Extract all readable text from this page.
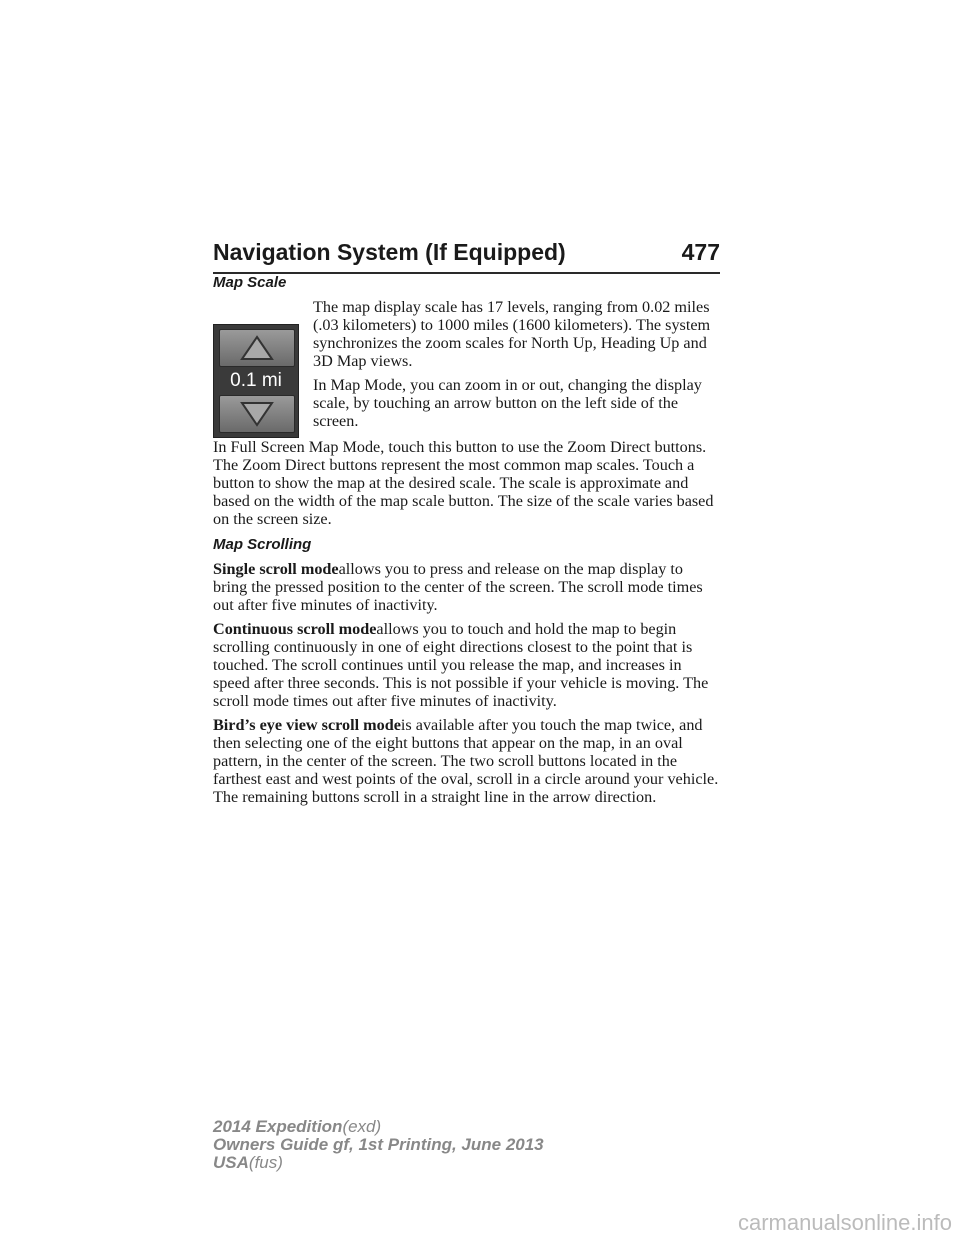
Navigation System (If Equipped)	477
Map Scale
0.1 mi

The map display scale has 17 levels, ranging from 0.02 miles (.03 kilometers) to 1000 miles (1600 kilometers). The system synchronizes the zoom scales for North Up, Heading Up and 3D Map views.

In Map Mode, you can zoom in or out, changing the display scale, by touching an arrow button on the left side of the screen.

In Full Screen Map Mode, touch this button to use the Zoom Direct buttons. The Zoom Direct buttons represent the most common map scales. Touch a button to show the map at the desired scale. The scale is approximate and based on the width of the map scale button. The size of the scale varies based on the screen size.

Map Scrolling

Single scroll modeallows you to press and release on the map display to bring the pressed position to the center of the screen. The scroll mode times out after five minutes of inactivity.

Continuous scroll modeallows you to touch and hold the map to begin scrolling continuously in one of eight directions closest to the point that is touched. The scroll continues until you release the map, and increases in speed after three seconds. This is not possible if your vehicle is moving. The scroll mode times out after five minutes of inactivity.

Bird’s eye view scroll modeis available after you touch the map twice, and then selecting one of the eight buttons that appear on the map, in an oval pattern, in the center of the screen. The two scroll buttons located in the farthest east and west points of the oval, scroll in a circle around your vehicle. The remaining buttons scroll in a straight line in the arrow direction.

2014 Expedition(exd)
Owners Guide gf, 1st Printing, June 2013
USA(fus)
carmanualsonline.info
